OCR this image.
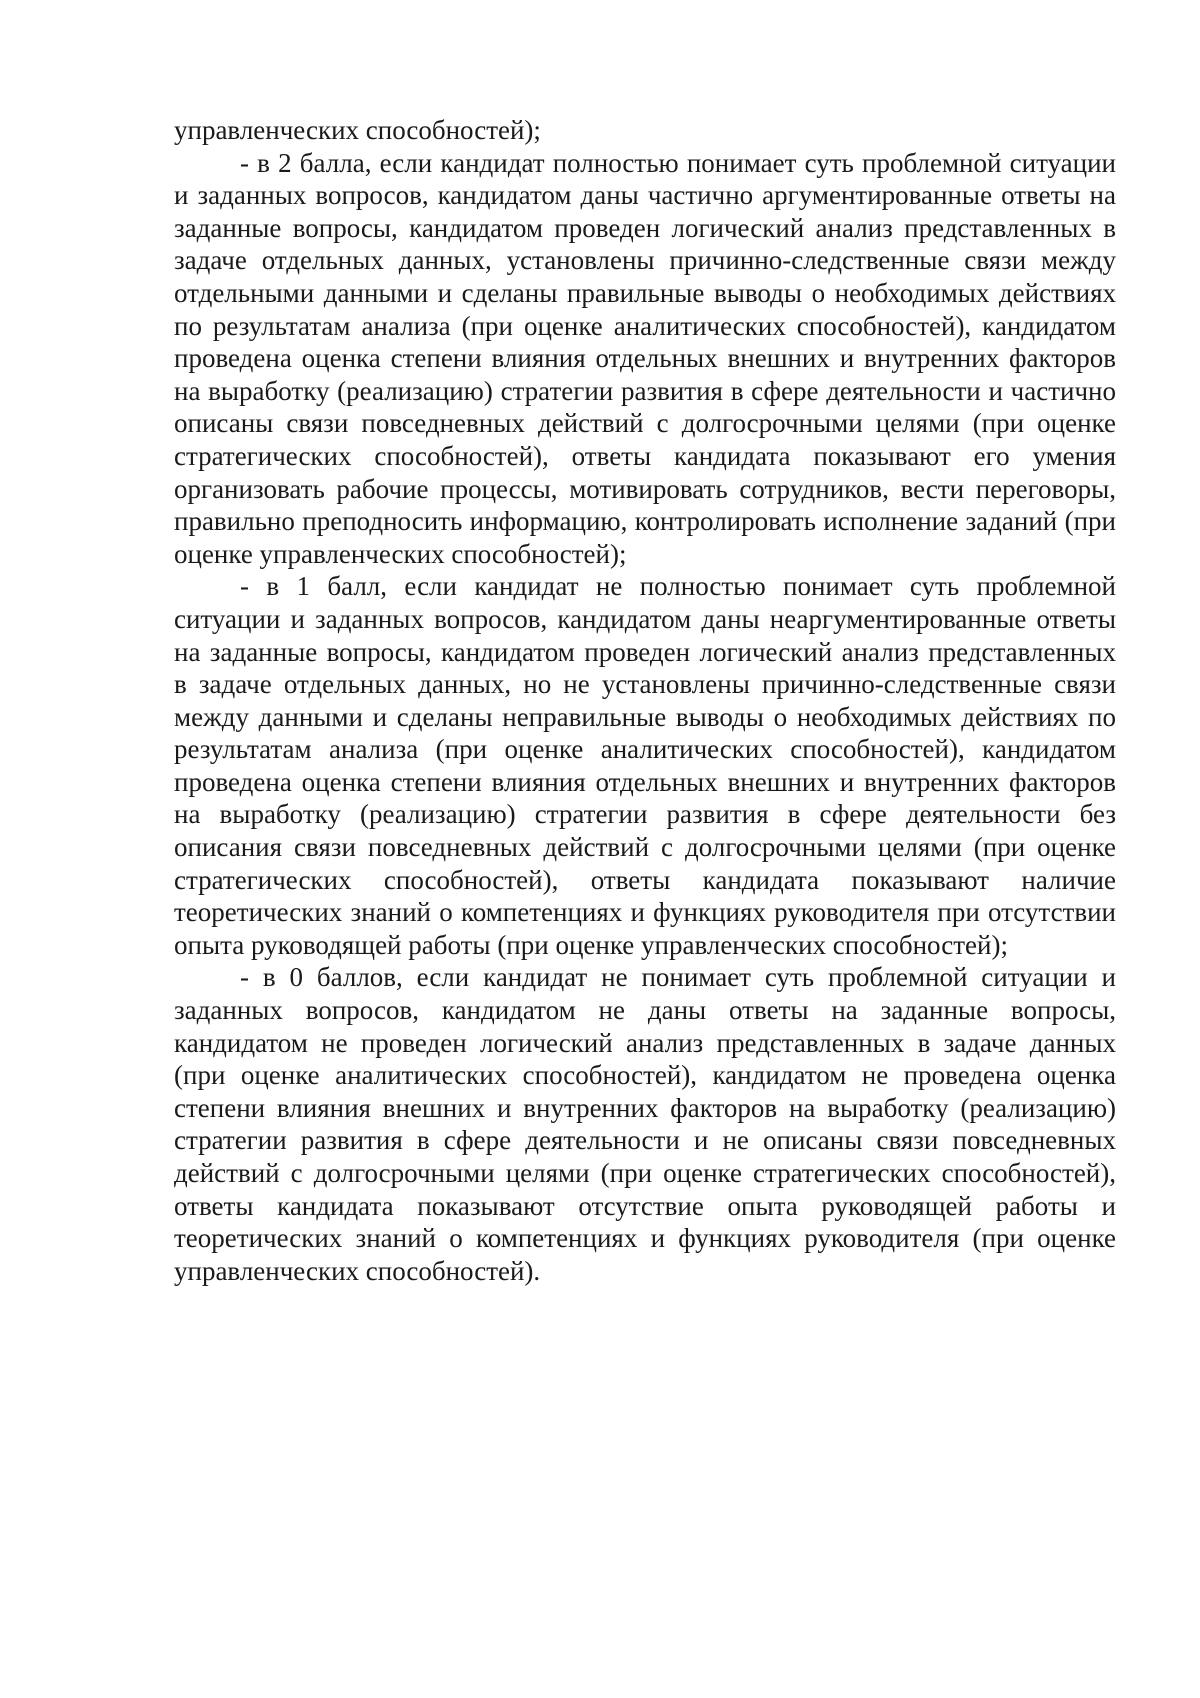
управленческих способностей);

- в 2 балла, если кандидат полностью понимает суть проблемной ситуации и заданных вопросов, кандидатом даны частично аргументированные ответы на заданные вопросы, кандидатом проведен логический анализ представленных в задаче отдельных данных, установлены причинно-следственные связи между отдельными данными и сделаны правильные выводы о необходимых действиях по результатам анализа (при оценке аналитических способностей), кандидатом проведена оценка степени влияния отдельных внешних и внутренних факторов на выработку (реализацию) стратегии развития в сфере деятельности и частично описаны связи повседневных действий с долгосрочными целями (при оценке стратегических способностей), ответы кандидата показывают его умения организовать рабочие процессы, мотивировать сотрудников, вести переговоры, правильно преподносить информацию, контролировать исполнение заданий (при оценке управленческих способностей);

- в 1 балл, если кандидат не полностью понимает суть проблемной ситуации и заданных вопросов, кандидатом даны неаргументированные ответы на заданные вопросы, кандидатом проведен логический анализ представленных в задаче отдельных данных, но не установлены причинно-следственные связи между данными и сделаны неправильные выводы о необходимых действиях по результатам анализа (при оценке аналитических способностей), кандидатом проведена оценка степени влияния отдельных внешних и внутренних факторов на выработку (реализацию) стратегии развития в сфере деятельности без описания связи повседневных действий с долгосрочными целями (при оценке стратегических способностей), ответы кандидата показывают наличие теоретических знаний о компетенциях и функциях руководителя при отсутствии опыта руководящей работы (при оценке управленческих способностей);

- в 0 баллов, если кандидат не понимает суть проблемной ситуации и заданных вопросов, кандидатом не даны ответы на заданные вопросы, кандидатом не проведен логический анализ представленных в задаче данных (при оценке аналитических способностей), кандидатом не проведена оценка степени влияния внешних и внутренних факторов на выработку (реализацию) стратегии развития в сфере деятельности и не описаны связи повседневных действий с долгосрочными целями (при оценке стратегических способностей), ответы кандидата показывают отсутствие опыта руководящей работы и теоретических знаний о компетенциях и функциях руководителя (при оценке управленческих способностей).
